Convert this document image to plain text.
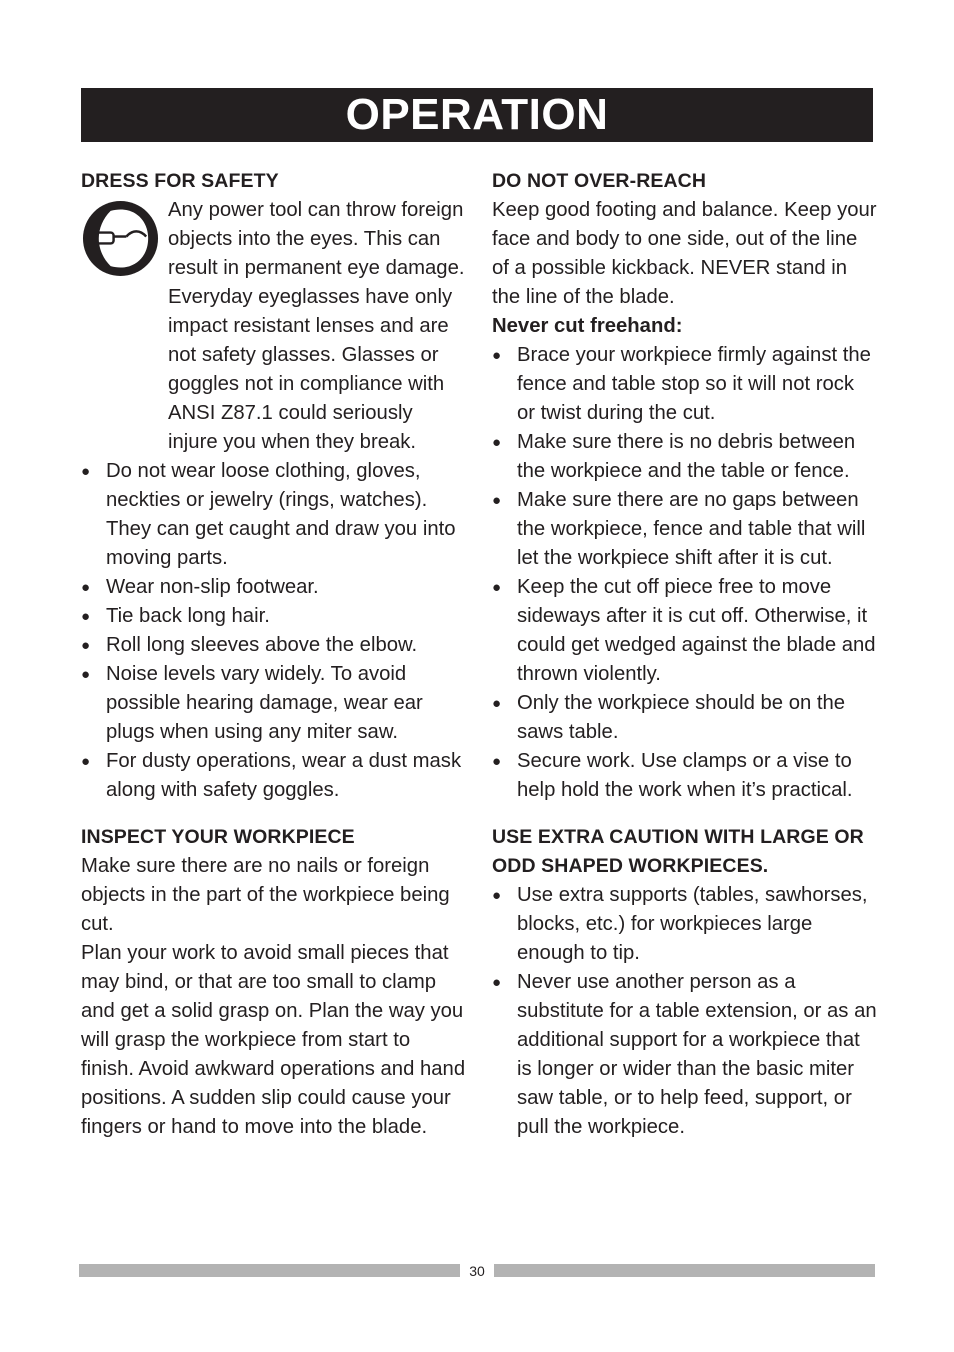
OPERATION
DRESS FOR SAFETY

Any power tool can throw foreign objects into the eyes. This can result in permanent eye damage. Everyday eyeglasses have only impact resistant lenses and are not safety glasses. Glasses or goggles not in compliance with ANSI Z87.1 could seriously injure you when they break.

● Do not wear loose clothing, gloves, neckties or jewelry (rings, watches). They can get caught and draw you into moving parts.
● Wear non-slip footwear.
● Tie back long hair.
● Roll long sleeves above the elbow.
● Noise levels vary widely. To avoid possible hearing damage, wear ear plugs when using any miter saw.
● For dusty operations, wear a dust mask along with safety goggles.
INSPECT YOUR WORKPIECE

Make sure there are no nails or foreign objects in the part of the workpiece being cut.

Plan your work to avoid small pieces that may bind, or that are too small to clamp and get a solid grasp on. Plan the way you will grasp the workpiece from start to finish. Avoid awkward operations and hand positions. A sudden slip could cause your fingers or hand to move into the blade.

DO NOT OVER-REACH

Keep good footing and balance. Keep your face and body to one side, out of the line of a possible kickback. NEVER stand in the line of the blade.

Never cut freehand:

● Brace your workpiece firmly against the fence and table stop so it will not rock or twist during the cut.
● Make sure there is no debris between the workpiece and the table or fence.
● Make sure there are no gaps between the workpiece, fence and table that will let the workpiece shift after it is cut.
● Keep the cut off piece free to move sideways after it is cut off. Otherwise, it could get wedged against the blade and thrown violently.
● Only the workpiece should be on the saws table.
● Secure work. Use clamps or a vise to help hold the work when it’s practical.
USE EXTRA CAUTION WITH LARGE OR ODD SHAPED WORKPIECES.
● Use extra supports (tables, sawhorses, blocks, etc.) for workpieces large enough to tip.
● Never use another person as a substitute for a table extension, or as an additional support for a workpiece that is longer or wider than the basic miter saw table, or to help feed, support, or pull the workpiece.
30
